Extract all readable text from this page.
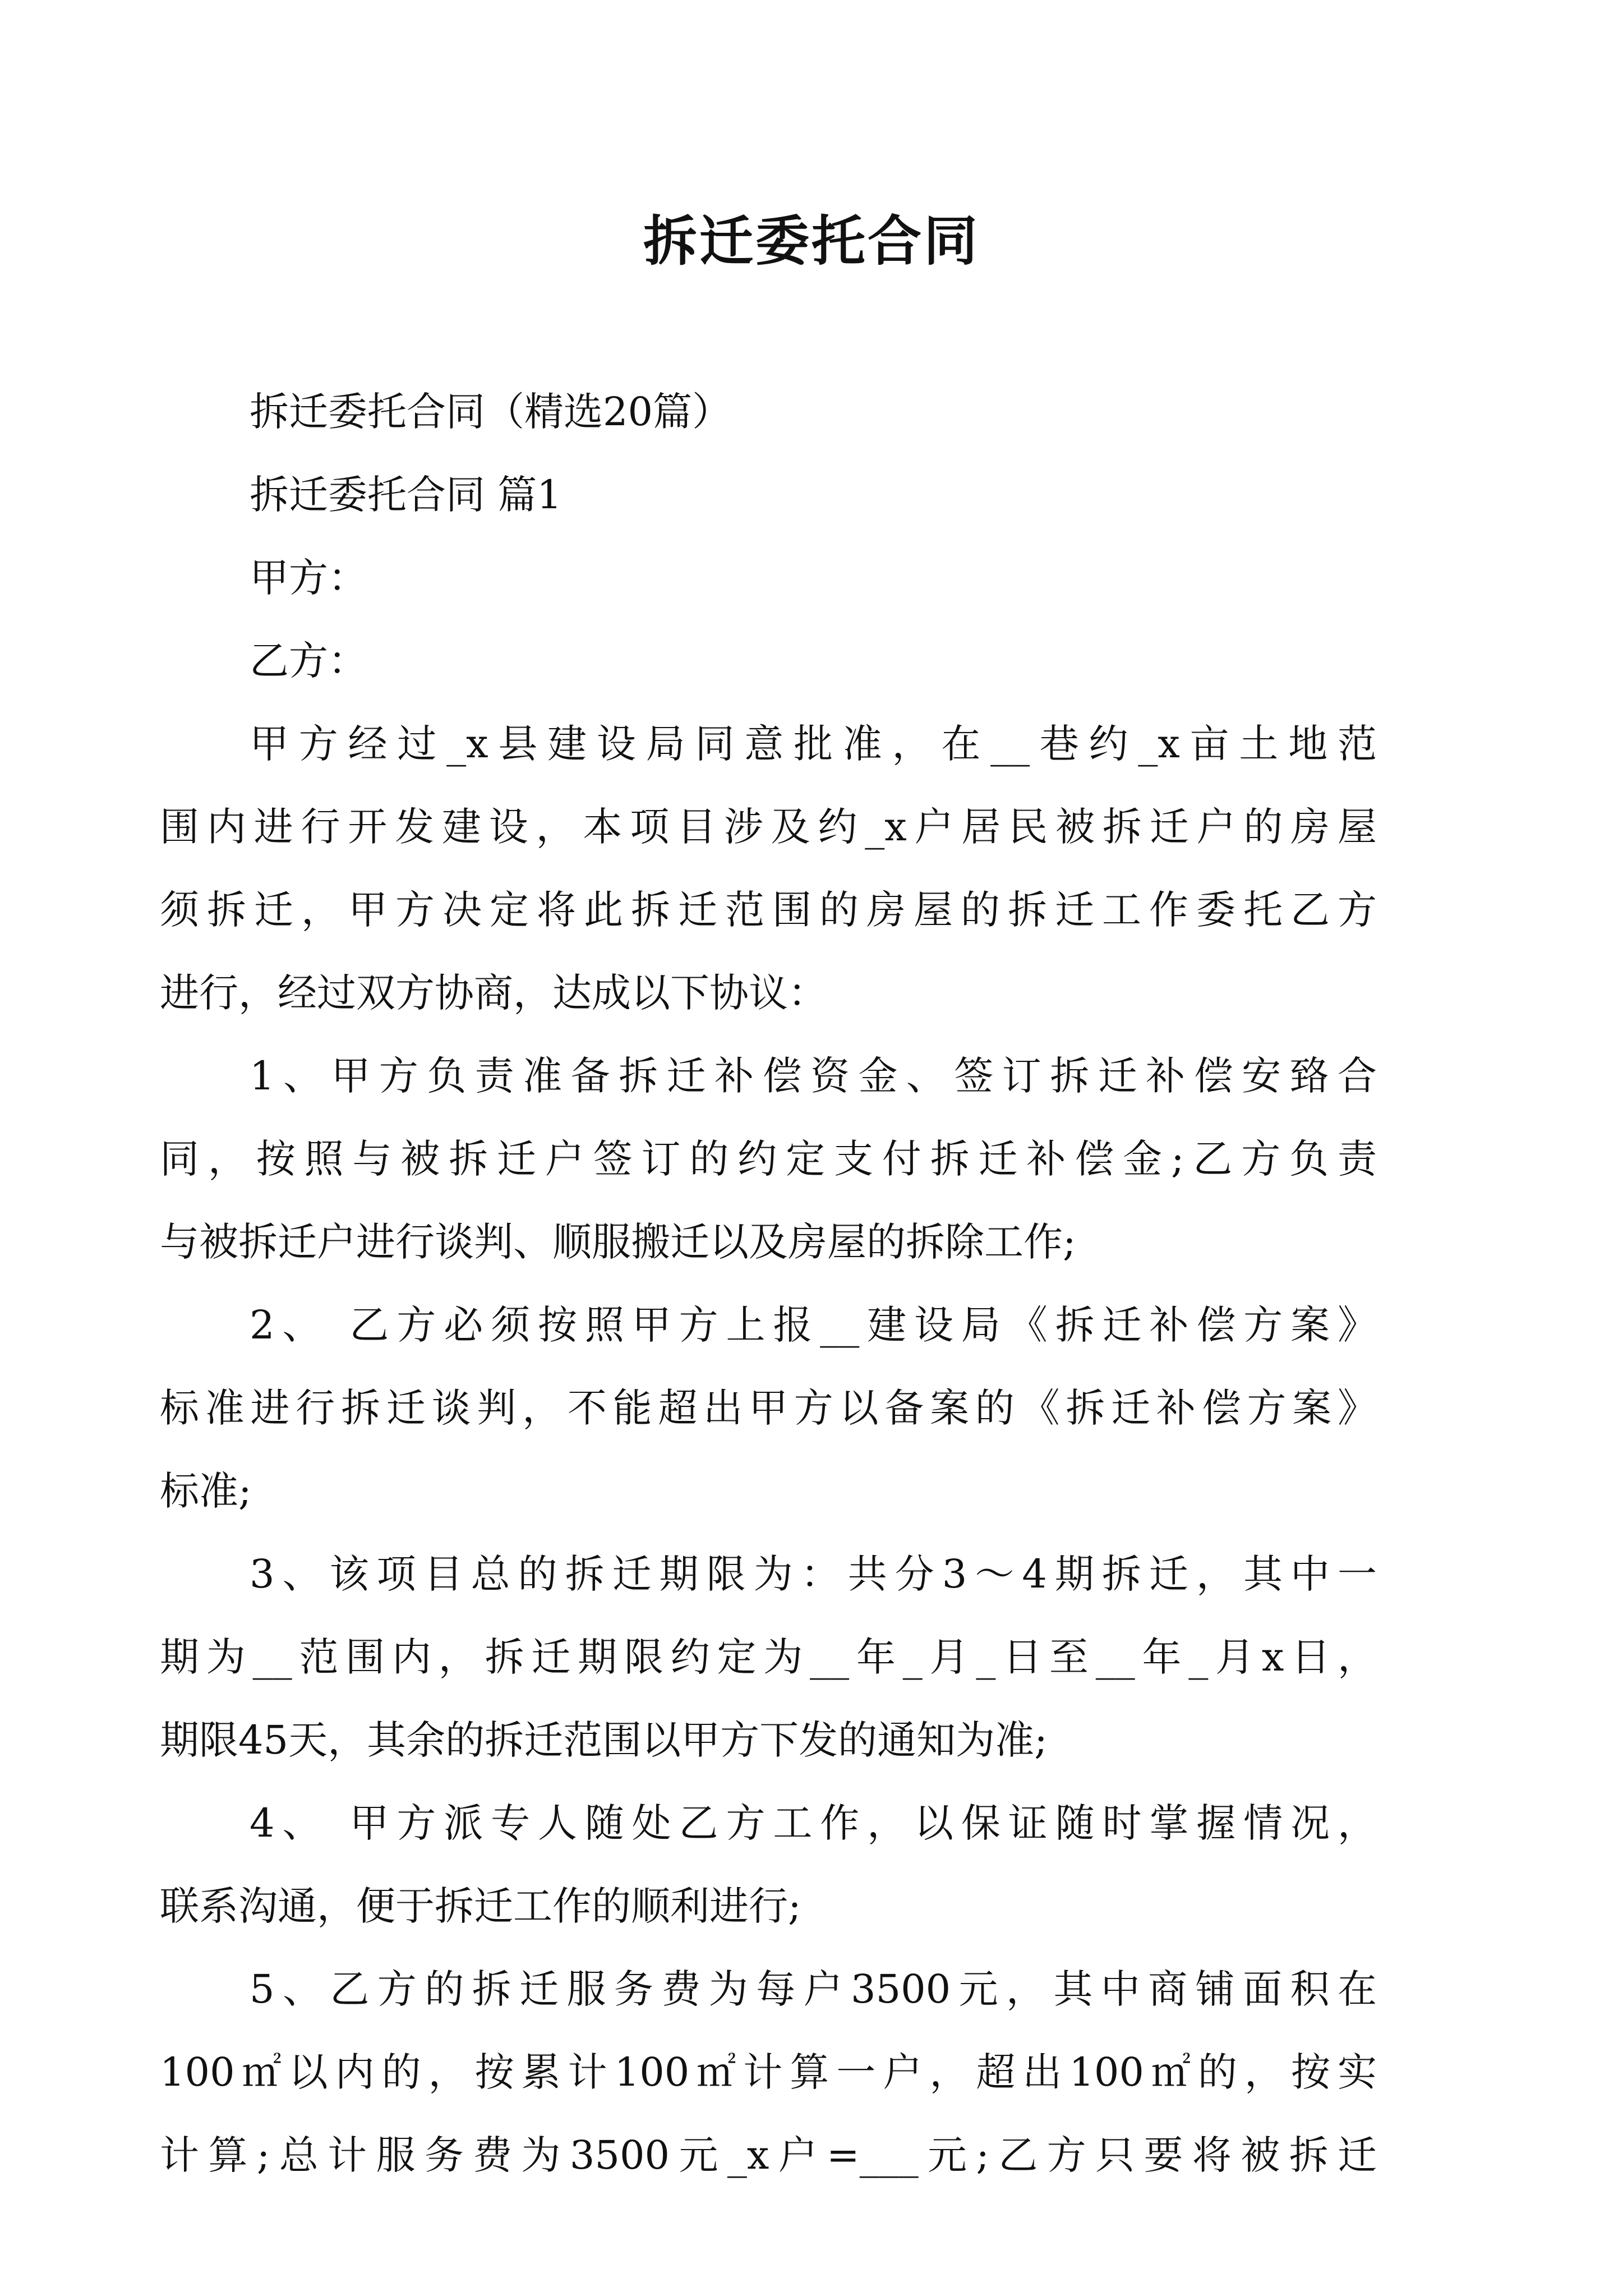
拆迁委托合同
拆迁委托合同（精选20篇）
拆迁委托合同 篇1
甲方：
乙方：
甲方经过_x县建设局同意批准，在__巷约_x亩土地范
围内进行开发建设，本项目涉及约_x户居民被拆迁户的房屋
须拆迁，甲方决定将此拆迁范围的房屋的拆迁工作委托乙方
进行，经过双方协商，达成以下协议：
1、甲方负责准备拆迁补偿资金、签订拆迁补偿安臵合
同，按照与被拆迁户签订的约定支付拆迁补偿金;乙方负责
与被拆迁户进行谈判、顺服搬迁以及房屋的拆除工作;
2、 乙方必须按照甲方上报__建设局《拆迁补偿方案》
标准进行拆迁谈判，不能超出甲方以备案的《拆迁补偿方案》
标准;
3、该项目总的拆迁期限为：共分3～4期拆迁，其中一
期为__范围内，拆迁期限约定为__年_月_日至__年_月x日，
期限45天，其余的拆迁范围以甲方下发的通知为准;
4、 甲方派专人随处乙方工作，以保证随时掌握情况，
联系沟通，便于拆迁工作的顺利进行;
5、乙方的拆迁服务费为每户3500元，其中商铺面积在
100㎡以内的，按累计100㎡计算一户，超出100㎡的，按实
计算;总计服务费为3500元_x户=___元;乙方只要将被拆迁
